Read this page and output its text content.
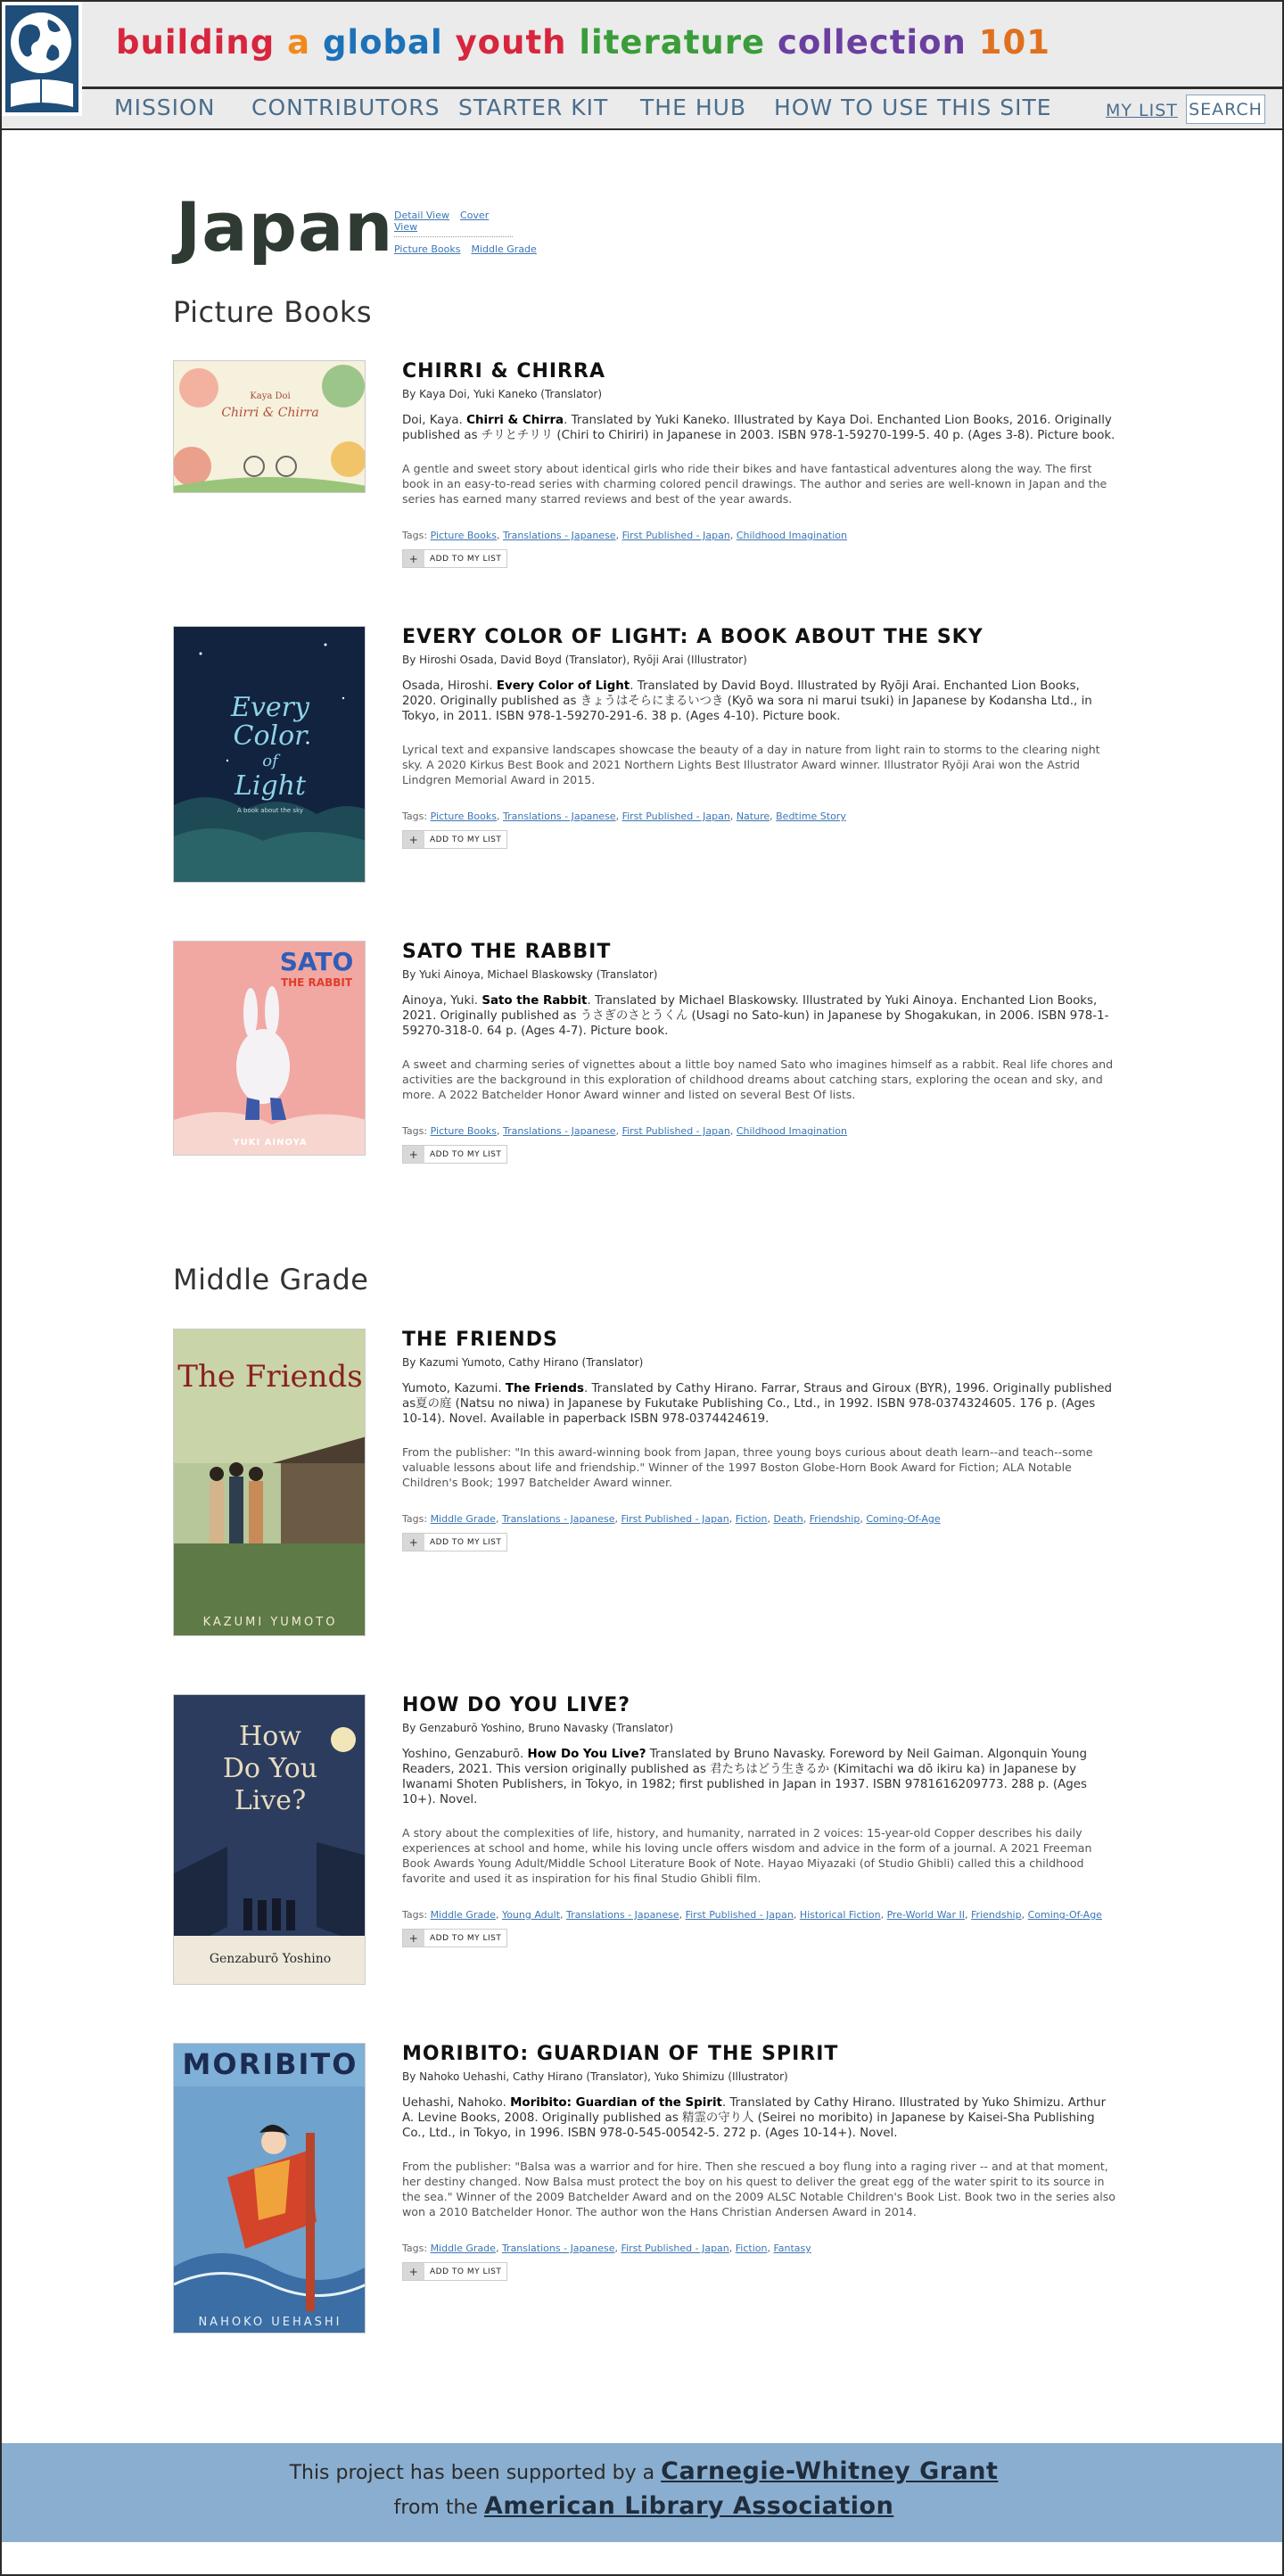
building a global youth literature collection 101
MISSION CONTRIBUTORS STARTER KIT THE HUB HOW TO USE THIS SITE	MY LIST SEARCH
Japan Detail View Cover View
Picture Books Middle Grade
Picture Books
Middle Grade
Kaya Doi
Chirri & Chirra
CHIRRI & CHIRRA
By Kaya Doi, Yuki Kaneko (Translator)
Doi, Kaya. Chirri & Chirra. Translated by Yuki Kaneko. Illustrated by Kaya Doi. Enchanted Lion Books, 2016. Originally published as チリとチリリ (Chiri to Chiriri) in Japanese in 2003. ISBN 978-1-59270-199-5. 40 p. (Ages 3-8). Picture book.
A gentle and sweet story about identical girls who ride their bikes and have fantastical adventures along the way. The first book in an easy-to-read series with charming colored pencil drawings. The author and series are well-known in Japan and the series has earned many starred reviews and best of the year awards.
Tags: Picture Books, Translations - Japanese, First Published - Japan, Childhood Imagination
+	ADD TO MY LIST
Every
Color
of
Light
A book about the sky
EVERY COLOR OF LIGHT: A BOOK ABOUT THE SKY
By Hiroshi Osada, David Boyd (Translator), Ryōji Arai (Illustrator)
Osada, Hiroshi. Every Color of Light. Translated by David Boyd. Illustrated by Ryōji Arai. Enchanted Lion Books, 2020. Originally published as きょうはそらにまるいつき (Kyō wa sora ni marui tsuki) in Japanese by Kodansha Ltd., in Tokyo, in 2011. ISBN 978-1-59270-291-6. 38 p. (Ages 4-10). Picture book.
Lyrical text and expansive landscapes showcase the beauty of a day in nature from light rain to storms to the clearing night sky. A 2020 Kirkus Best Book and 2021 Northern Lights Best Illustrator Award winner. Illustrator Ryōji Arai won the Astrid Lindgren Memorial Award in 2015.
Tags: Picture Books, Translations - Japanese, First Published - Japan, Nature, Bedtime Story
+	ADD TO MY LIST
SATO
THE RABBIT
YUKI AINOYA
SATO THE RABBIT
By Yuki Ainoya, Michael Blaskowsky (Translator)
Ainoya, Yuki. Sato the Rabbit. Translated by Michael Blaskowsky. Illustrated by Yuki Ainoya. Enchanted Lion Books, 2021. Originally published as うさぎのさとうくん (Usagi no Sato-kun) in Japanese by Shogakukan, in 2006. ISBN 978-1-59270-318-0. 64 p. (Ages 4-7). Picture book.
A sweet and charming series of vignettes about a little boy named Sato who imagines himself as a rabbit. Real life chores and activities are the background in this exploration of childhood dreams about catching stars, exploring the ocean and sky, and more. A 2022 Batchelder Honor Award winner and listed on several Best Of lists.
Tags: Picture Books, Translations - Japanese, First Published - Japan, Childhood Imagination
+	ADD TO MY LIST
The Friends
KAZUMI YUMOTO
THE FRIENDS
By Kazumi Yumoto, Cathy Hirano (Translator)
Yumoto, Kazumi. The Friends. Translated by Cathy Hirano. Farrar, Straus and Giroux (BYR), 1996. Originally published as夏の庭 (Natsu no niwa) in Japanese by Fukutake Publishing Co., Ltd., in 1992. ISBN 978-0374324605. 176 p. (Ages 10-14). Novel. Available in paperback ISBN 978-0374424619.
From the publisher: "In this award-winning book from Japan, three young boys curious about death learn--and teach--some valuable lessons about life and friendship." Winner of the 1997 Boston Globe-Horn Book Award for Fiction; ALA Notable Children's Book; 1997 Batchelder Award winner.
Tags: Middle Grade, Translations - Japanese, First Published - Japan, Fiction, Death, Friendship, Coming-Of-Age
+	ADD TO MY LIST
How
Do You
Live?
Genzaburō Yoshino
HOW DO YOU LIVE?
By Genzaburō Yoshino, Bruno Navasky (Translator)
Yoshino, Genzaburō. How Do You Live? Translated by Bruno Navasky. Foreword by Neil Gaiman. Algonquin Young Readers, 2021. This version originally published as 君たちはどう生きるか (Kimitachi wa dō ikiru ka) in Japanese by Iwanami Shoten Publishers, in Tokyo, in 1982; first published in Japan in 1937. ISBN 9781616209773. 288 p. (Ages 10+). Novel.
A story about the complexities of life, history, and humanity, narrated in 2 voices: 15-year-old Copper describes his daily experiences at school and home, while his loving uncle offers wisdom and advice in the form of a journal. A 2021 Freeman Book Awards Young Adult/Middle School Literature Book of Note. Hayao Miyazaki (of Studio Ghibli) called this a childhood favorite and used it as inspiration for his final Studio Ghibli film.
Tags: Middle Grade, Young Adult, Translations - Japanese, First Published - Japan, Historical Fiction, Pre-World War II, Friendship, Coming-Of-Age
+	ADD TO MY LIST
MORIBITO
NAHOKO UEHASHI
MORIBITO: GUARDIAN OF THE SPIRIT
By Nahoko Uehashi, Cathy Hirano (Translator), Yuko Shimizu (Illustrator)
Uehashi, Nahoko. Moribito: Guardian of the Spirit. Translated by Cathy Hirano. Illustrated by Yuko Shimizu. Arthur A. Levine Books, 2008. Originally published as 精霊の守り人 (Seirei no moribito) in Japanese by Kaisei-Sha Publishing Co., Ltd., in Tokyo, in 1996. ISBN 978-0-545-00542-5. 272 p. (Ages 10-14+). Novel.
From the publisher: "Balsa was a warrior and for hire. Then she rescued a boy flung into a raging river -- and at that moment, her destiny changed. Now Balsa must protect the boy on his quest to deliver the great egg of the water spirit to its source in the sea." Winner of the 2009 Batchelder Award and on the 2009 ALSC Notable Children's Book List. Book two in the series also won a 2010 Batchelder Honor. The author won the Hans Christian Andersen Award in 2014.
Tags: Middle Grade, Translations - Japanese, First Published - Japan, Fiction, Fantasy
+	ADD TO MY LIST
This project has been supported by a Carnegie-Whitney Grant
from the American Library Association
